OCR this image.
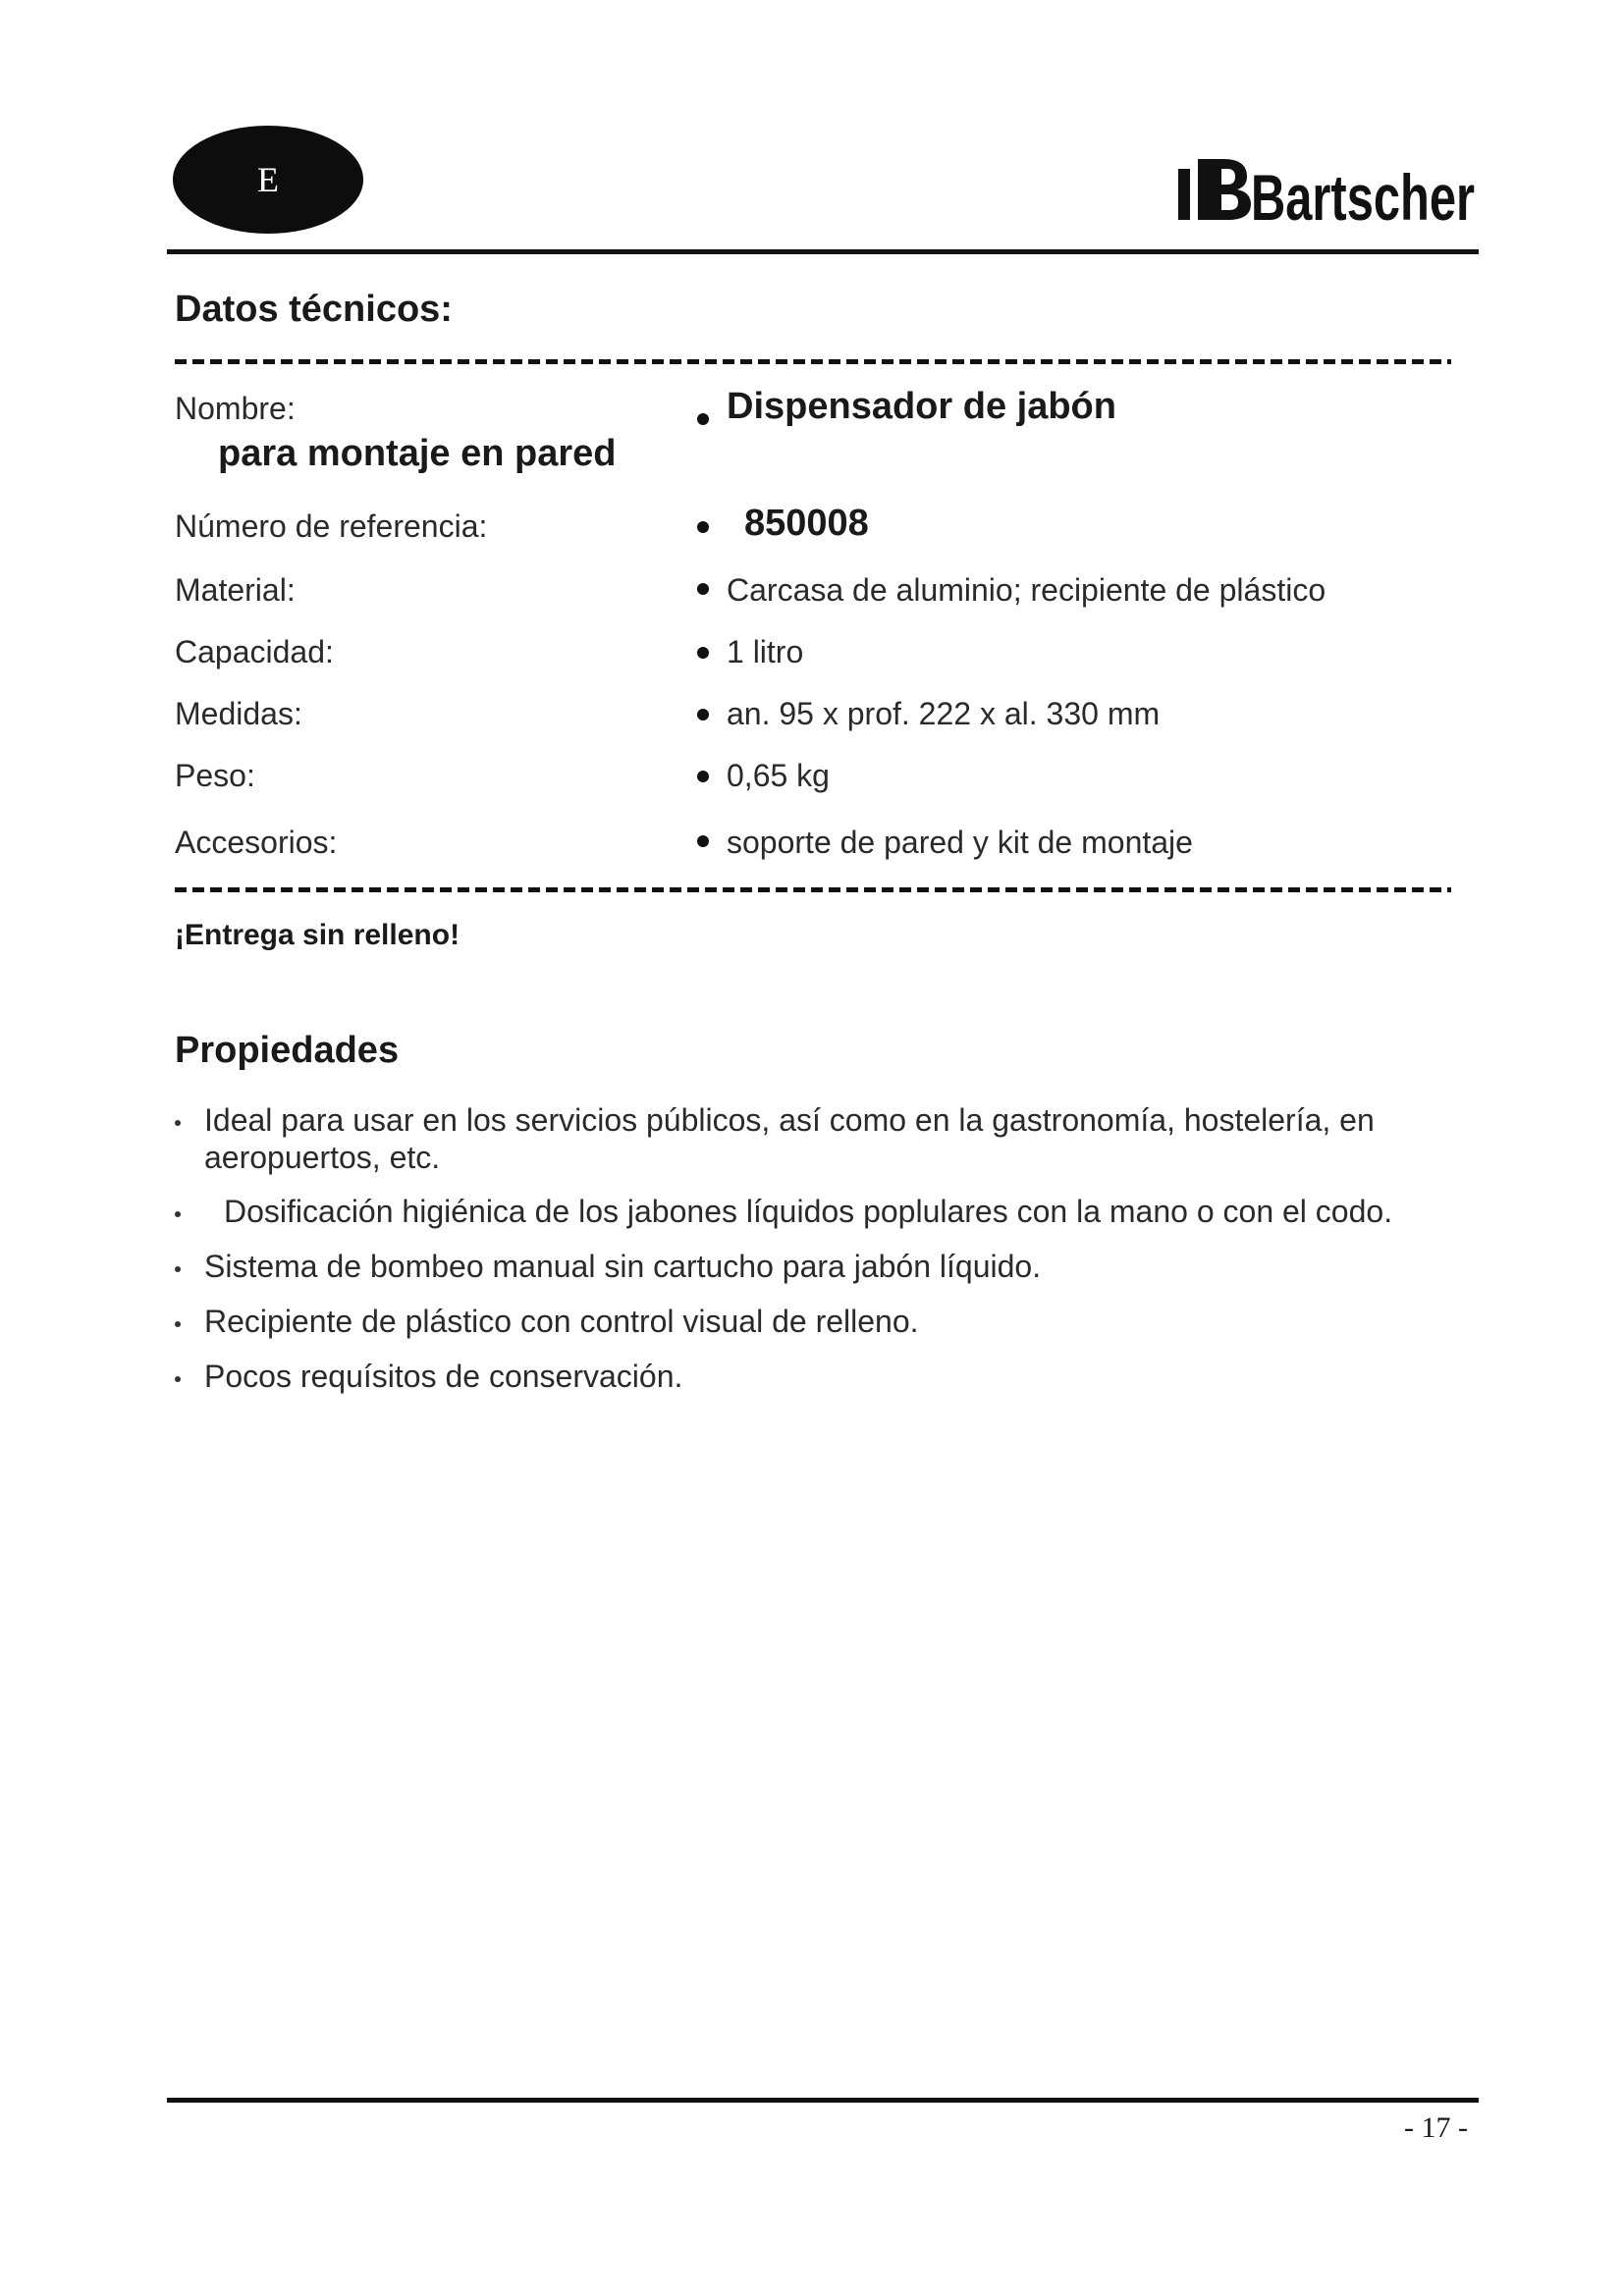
E	Bartscher
Datos técnicos:
Nombre:	Dispensador de jabón
para montaje en pared
Número de referencia:	850008
Material:	Carcasa de aluminio; recipiente de plástico
Capacidad:	1 litro
Medidas:	an. 95 x prof. 222 x al. 330 mm
Peso:	0,65 kg
Accesorios:	soporte de pared y kit de montaje
¡Entrega sin relleno!
Propiedades
Ideal para usar en los servicios públicos, así como en la gastronomía, hostelería, en aeropuertos, etc.
Dosificación higiénica de los jabones líquidos poplulares con la mano o con el codo.
Sistema de bombeo manual sin cartucho para jabón líquido.
Recipiente de plástico con control visual de relleno.
Pocos requísitos de conservación.
- 17 -
